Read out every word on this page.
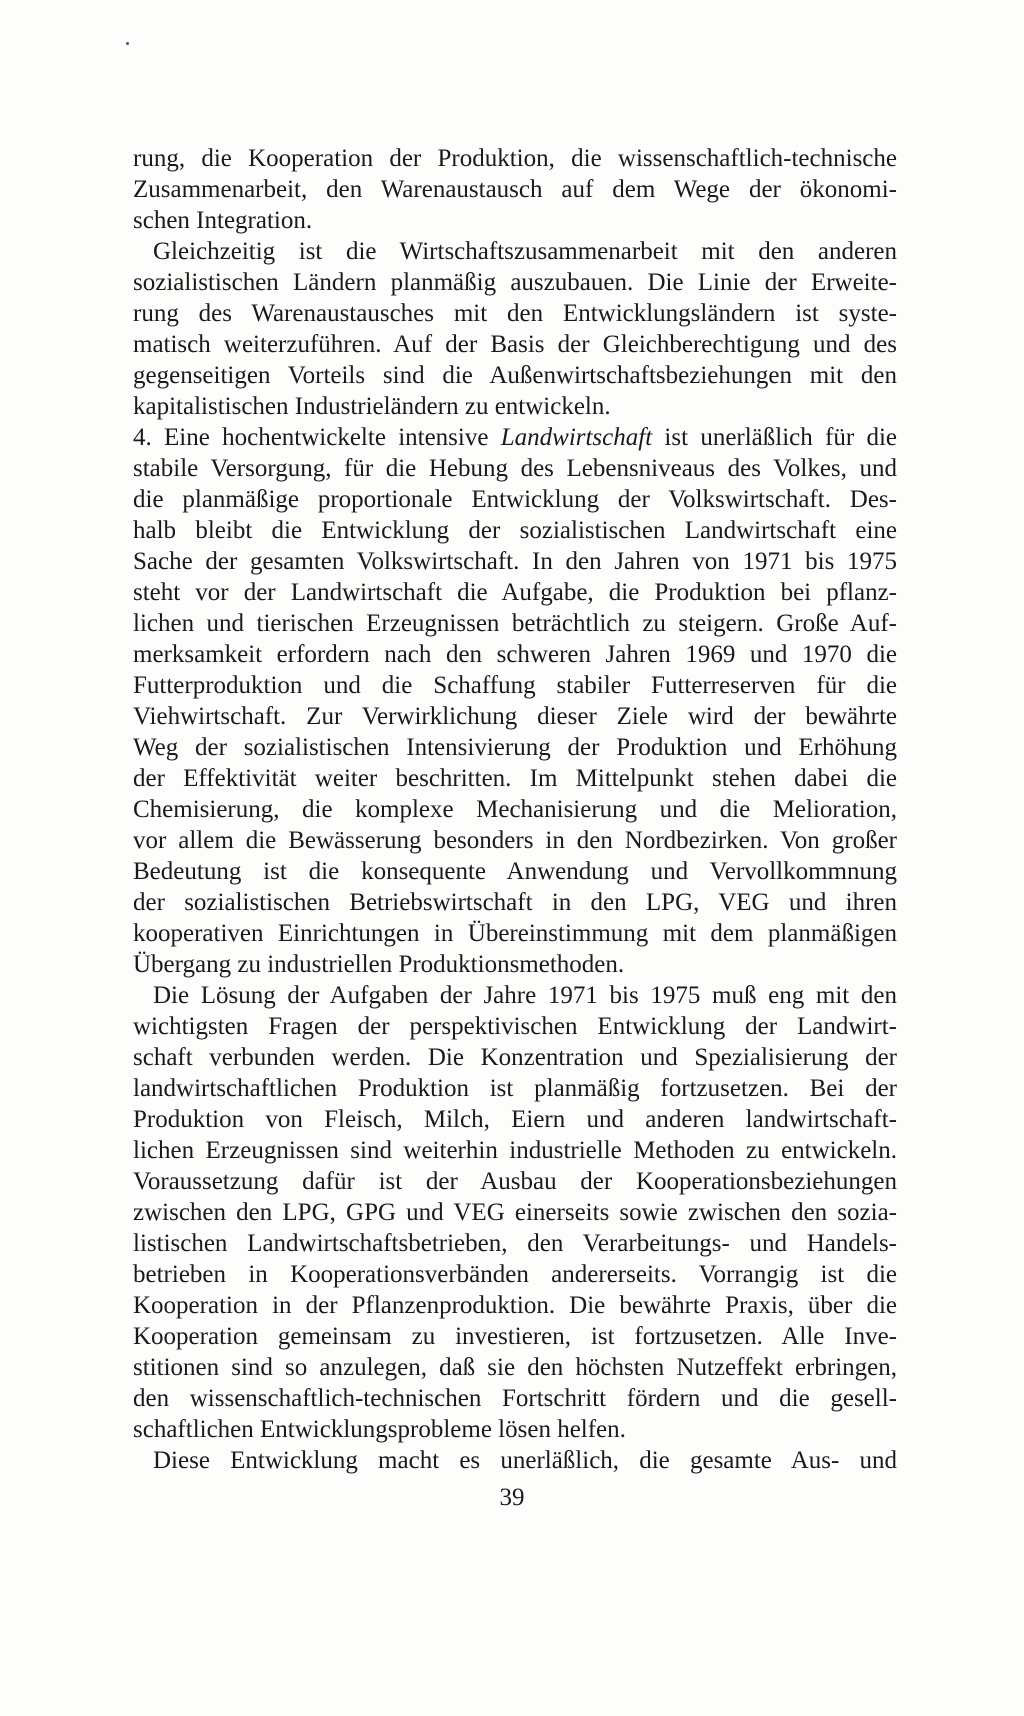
rung, die Kooperation der Produktion, die wissenschaftlich-technische
Zusammenarbeit, den Warenaustausch auf dem Wege der ökonomi-
schen Integration.
Gleichzeitig ist die Wirtschaftszusammenarbeit mit den anderen
sozialistischen Ländern planmäßig auszubauen. Die Linie der Erweite-
rung des Warenaustausches mit den Entwicklungsländern ist syste-
matisch weiterzuführen. Auf der Basis der Gleichberechtigung und des
gegenseitigen Vorteils sind die Außenwirtschaftsbeziehungen mit den
kapitalistischen Industrieländern zu entwickeln.
4. Eine hochentwickelte intensive Landwirtschaft ist unerläßlich für die
stabile Versorgung, für die Hebung des Lebensniveaus des Volkes, und
die planmäßige proportionale Entwicklung der Volkswirtschaft. Des-
halb bleibt die Entwicklung der sozialistischen Landwirtschaft eine
Sache der gesamten Volkswirtschaft. In den Jahren von 1971 bis 1975
steht vor der Landwirtschaft die Aufgabe, die Produktion bei pflanz-
lichen und tierischen Erzeugnissen beträchtlich zu steigern. Große Auf-
merksamkeit erfordern nach den schweren Jahren 1969 und 1970 die
Futterproduktion und die Schaffung stabiler Futterreserven für die
Viehwirtschaft. Zur Verwirklichung dieser Ziele wird der bewährte
Weg der sozialistischen Intensivierung der Produktion und Erhöhung
der Effektivität weiter beschritten. Im Mittelpunkt stehen dabei die
Chemisierung, die komplexe Mechanisierung und die Melioration,
vor allem die Bewässerung besonders in den Nordbezirken. Von großer
Bedeutung ist die konsequente Anwendung und Vervollkommnung
der sozialistischen Betriebswirtschaft in den LPG, VEG und ihren
kooperativen Einrichtungen in Übereinstimmung mit dem planmäßigen
Übergang zu industriellen Produktionsmethoden.
Die Lösung der Aufgaben der Jahre 1971 bis 1975 muß eng mit den
wichtigsten Fragen der perspektivischen Entwicklung der Landwirt-
schaft verbunden werden. Die Konzentration und Spezialisierung der
landwirtschaftlichen Produktion ist planmäßig fortzusetzen. Bei der
Produktion von Fleisch, Milch, Eiern und anderen landwirtschaft-
lichen Erzeugnissen sind weiterhin industrielle Methoden zu entwickeln.
Voraussetzung dafür ist der Ausbau der Kooperationsbeziehungen
zwischen den LPG, GPG und VEG einerseits sowie zwischen den sozia-
listischen Landwirtschaftsbetrieben, den Verarbeitungs- und Handels-
betrieben in Kooperationsverbänden andererseits. Vorrangig ist die
Kooperation in der Pflanzenproduktion. Die bewährte Praxis, über die
Kooperation gemeinsam zu investieren, ist fortzusetzen. Alle Inve-
stitionen sind so anzulegen, daß sie den höchsten Nutzeffekt erbringen,
den wissenschaftlich-technischen Fortschritt fördern und die gesell-
schaftlichen Entwicklungsprobleme lösen helfen.
Diese Entwicklung macht es unerläßlich, die gesamte Aus- und
39
